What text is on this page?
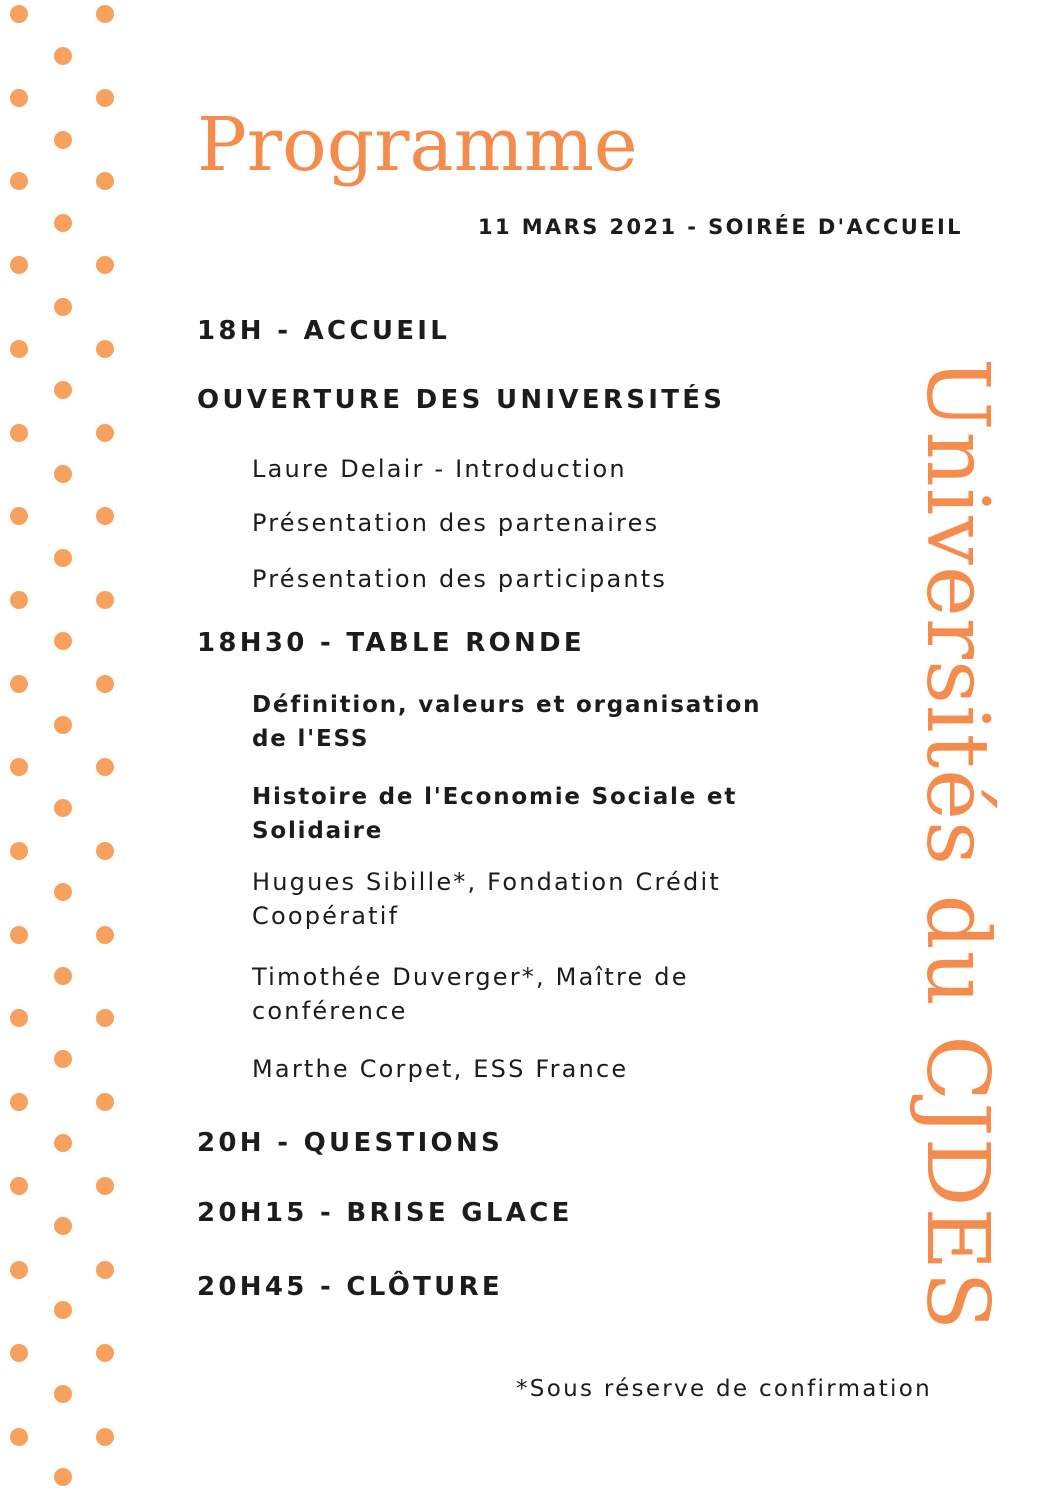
Programme
11 MARS 2021 - SOIRÉE D'ACCUEIL
18H - ACCUEIL
OUVERTURE DES UNIVERSITÉS
Laure Delair - Introduction
Présentation des partenaires
Présentation des participants
18H30 - TABLE RONDE
Définition, valeurs et organisation de l'ESS
Histoire de l'Economie Sociale et Solidaire
Hugues Sibille*, Fondation Crédit Coopératif
Timothée Duverger*, Maître de conférence
Marthe Corpet, ESS France
20H - QUESTIONS
20H15 - BRISE GLACE
20H45 - CLÔTURE	Universités du CJDES
*Sous réserve de confirmation
